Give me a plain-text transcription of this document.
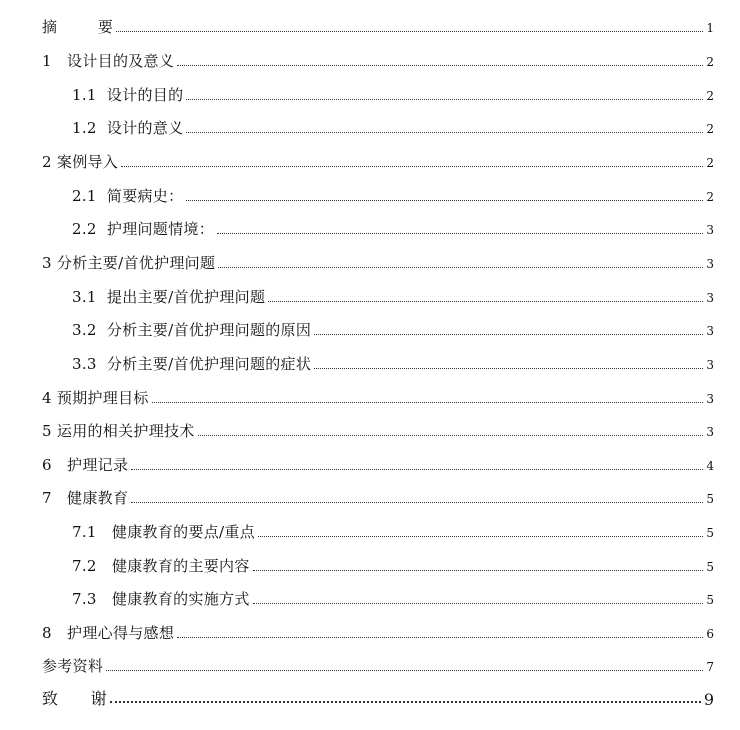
摘        要	1
1   设计目的及意义	2
1.1  设计的目的	2
1.2  设计的意义	2
2 案例导入	2
2.1  简要病史：	2
2.2  护理问题情境：	3
3 分析主要/首优护理问题	3
3.1  提出主要/首优护理问题	3
3.2  分析主要/首优护理问题的原因	3
3.3  分析主要/首优护理问题的症状	3
4 预期护理目标	3
5 运用的相关护理技术	3
6   护理记录	4
7   健康教育	5
7.1   健康教育的要点/重点	5
7.2   健康教育的主要内容	5
7.3   健康教育的实施方式	5
8   护理心得与感想	6
参考资料	7
致      谢	9
